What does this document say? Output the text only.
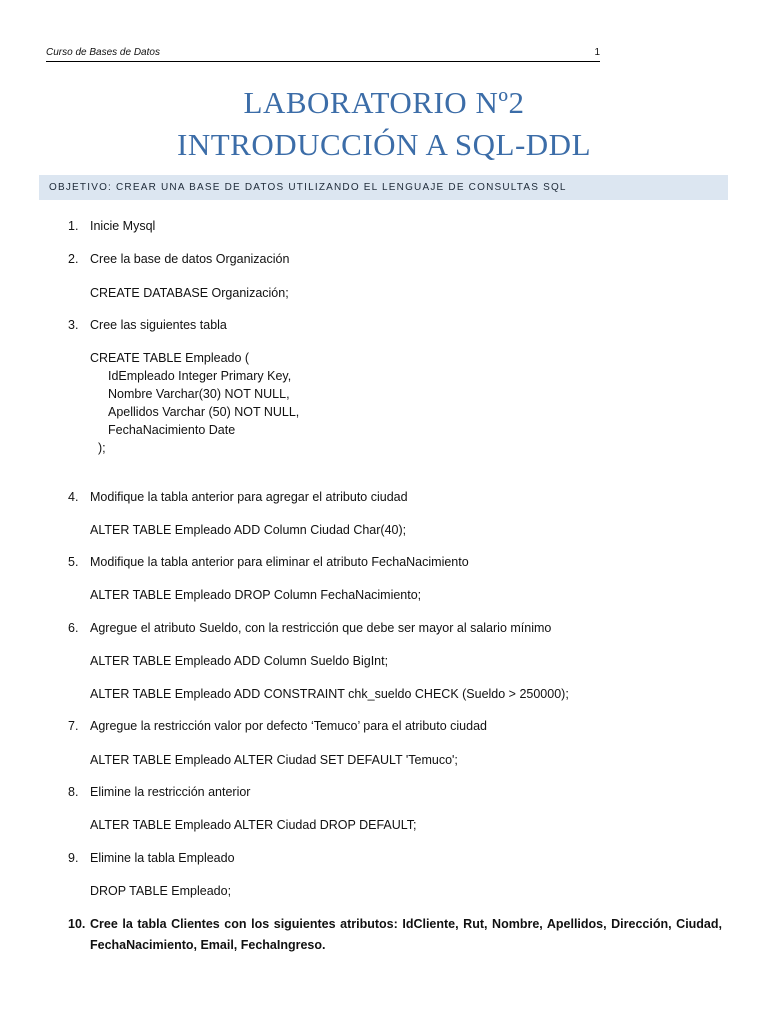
Curso de Bases de Datos	1
LABORATORIO Nº2
INTRODUCCIÓN A SQL-DDL
OBJETIVO: CREAR UNA BASE DE DATOS UTILIZANDO EL LENGUAJE DE CONSULTAS SQL
1. Inicie Mysql
2. Cree la base de datos Organización
CREATE DATABASE Organización;
3. Cree las siguientes tabla
CREATE TABLE Empleado (
IdEmpleado Integer Primary Key,
Nombre Varchar(30) NOT NULL,
Apellidos Varchar (50) NOT NULL,
FechaNacimiento Date
);
4. Modifique la tabla anterior para agregar el atributo ciudad
ALTER TABLE Empleado ADD Column Ciudad Char(40);
5. Modifique la tabla anterior para eliminar el atributo FechaNacimiento
ALTER TABLE Empleado DROP Column FechaNacimiento;
6. Agregue el atributo Sueldo, con la restricción que debe ser mayor al salario mínimo
ALTER TABLE Empleado ADD Column Sueldo BigInt;
ALTER TABLE Empleado ADD CONSTRAINT chk_sueldo CHECK (Sueldo > 250000);
7. Agregue la restricción valor por defecto ‘Temuco’ para el atributo ciudad
ALTER TABLE Empleado ALTER Ciudad SET DEFAULT 'Temuco';
8. Elimine la restricción anterior
ALTER TABLE Empleado ALTER Ciudad DROP DEFAULT;
9. Elimine la tabla Empleado
DROP TABLE Empleado;
10. Cree la tabla Clientes con los siguientes atributos: IdCliente, Rut, Nombre, Apellidos, Dirección, Ciudad,
FechaNacimiento, Email, FechaIngreso.
